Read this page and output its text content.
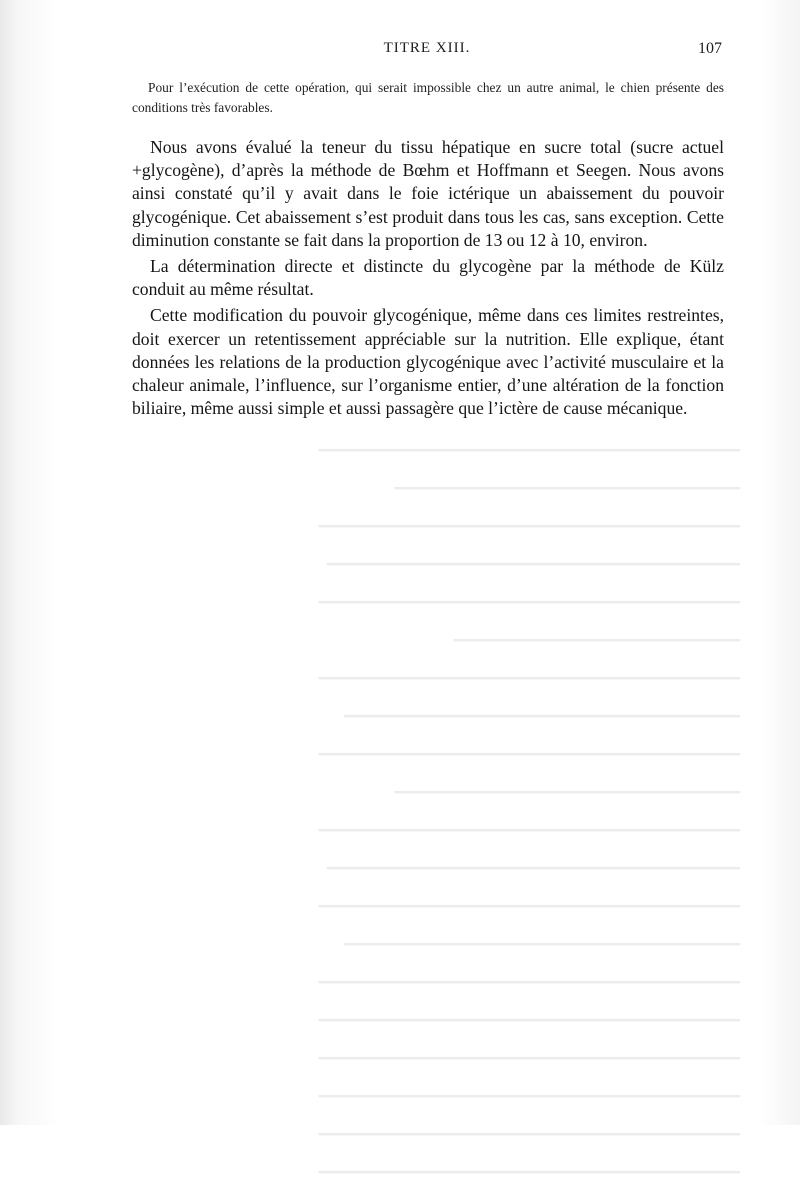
TITRE XIII.	107

Pour l’exécution de cette opération, qui serait impossible chez un autre animal, le chien présente des conditions très favorables.

Nous avons évalué la teneur du tissu hépatique en sucre total (sucre actuel +glycogène), d’après la méthode de Bœhm et Hoffmann et Seegen. Nous avons ainsi constaté qu’il y avait dans le foie ictérique un abaissement du pouvoir glycogénique. Cet abaissement s’est produit dans tous les cas, sans exception. Cette diminution constante se fait dans la proportion de 13 ou 12 à 10, environ.

La détermination directe et distincte du glycogène par la méthode de Külz conduit au même résultat.

Cette modification du pouvoir glycogénique, même dans ces limites restreintes, doit exercer un retentissement appréciable sur la nutrition. Elle explique, étant données les relations de la production glycogénique avec l’activité musculaire et la chaleur animale, l’influence, sur l’organisme entier, d’une altération de la fonction biliaire, même aussi simple et aussi passagère que l’ictère de cause mécanique.

━━━━━━━━━━━━━━━━━━━━━━━━━━━━━━━━━━━━━━━━━━━━━━━━━━

━━━━━━━━━━━━━━━━━━━━━━━━━━━━━━━━━━━━━━━━━

━━━━━━━━━━━━━━━━━━━━━━━━━━━━━━━━━━━━━━━━━━━━━━━━━━

━━━━━━━━━━━━━━━━━━━━━━━━━━━━━━━━━━━━━━━━━━━━━━━━━

━━━━━━━━━━━━━━━━━━━━━━━━━━━━━━━━━━━━━━━━━━━━━━━━━━

━━━━━━━━━━━━━━━━━━━━━━━━━━━━━━━━━━

━━━━━━━━━━━━━━━━━━━━━━━━━━━━━━━━━━━━━━━━━━━━━━━━━━

━━━━━━━━━━━━━━━━━━━━━━━━━━━━━━━━━━━━━━━━━━━━━━━

━━━━━━━━━━━━━━━━━━━━━━━━━━━━━━━━━━━━━━━━━━━━━━━━━━

━━━━━━━━━━━━━━━━━━━━━━━━━━━━━━━━━━━━━━━━━

━━━━━━━━━━━━━━━━━━━━━━━━━━━━━━━━━━━━━━━━━━━━━━━━━━

━━━━━━━━━━━━━━━━━━━━━━━━━━━━━━━━━━━━━━━━━━━━━━━━━

━━━━━━━━━━━━━━━━━━━━━━━━━━━━━━━━━━━━━━━━━━━━━━━━━━

━━━━━━━━━━━━━━━━━━━━━━━━━━━━━━━━━━━━━━━━━━━━━━━

━━━━━━━━━━━━━━━━━━━━━━━━━━━━━━━━━━━━━━━━━━━━━━━━━━

━━━━━━━━━━━━━━━━━━━━━━━━━━━━━━━━━━━━━━━━━━━━━━━━━━

━━━━━━━━━━━━━━━━━━━━━━━━━━━━━━━━━━━━━━━━━━━━━━━━━━

━━━━━━━━━━━━━━━━━━━━━━━━━━━━━━━━━━━━━━━━━━━━━━━━━━

━━━━━━━━━━━━━━━━━━━━━━━━━━━━━━━━━━━━━━━━━━━━━━━━━━

━━━━━━━━━━━━━━━━━━━━━━━━━━━━━━━━━━━━━━━━━━━━━━━━━━
